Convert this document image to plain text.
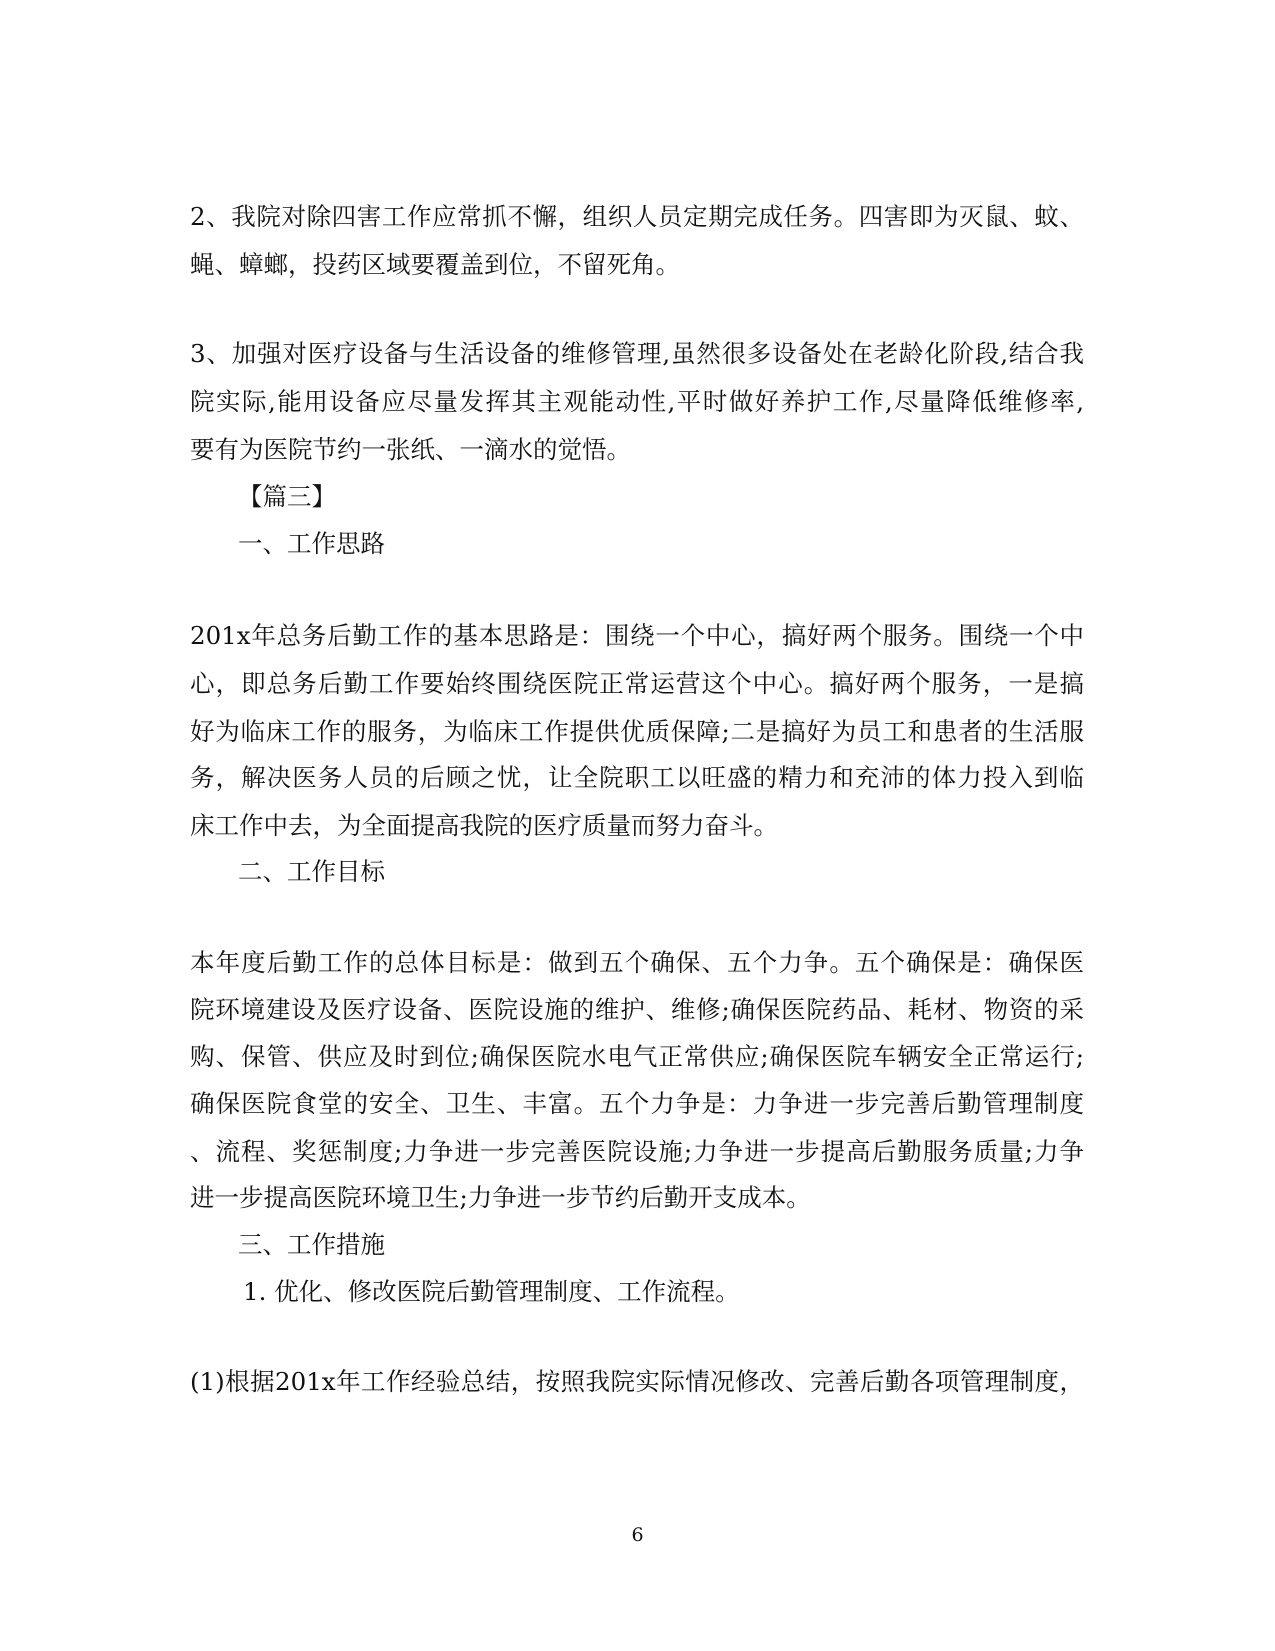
2、我院对除四害工作应常抓不懈，组织人员定期完成任务。四害即为灭鼠、蚊、
蝇、蟑螂，投药区域要覆盖到位，不留死角。
3、加强对医疗设备与生活设备的维修管理,虽然很多设备处在老龄化阶段,结合我
院实际,能用设备应尽量发挥其主观能动性,平时做好养护工作,尽量降低维修率,
要有为医院节约一张纸、一滴水的觉悟。
【篇三】
一、工作思路
201x年总务后勤工作的基本思路是：围绕一个中心，搞好两个服务。围绕一个中
心，即总务后勤工作要始终围绕医院正常运营这个中心。搞好两个服务，一是搞
好为临床工作的服务，为临床工作提供优质保障;二是搞好为员工和患者的生活服
务，解决医务人员的后顾之忧，让全院职工以旺盛的精力和充沛的体力投入到临
床工作中去，为全面提高我院的医疗质量而努力奋斗。
二、工作目标
本年度后勤工作的总体目标是：做到五个确保、五个力争。五个确保是：确保医
院环境建设及医疗设备、医院设施的维护、维修;确保医院药品、耗材、物资的采
购、保管、供应及时到位;确保医院水电气正常供应;确保医院车辆安全正常运行;
确保医院食堂的安全、卫生、丰富。五个力争是：力争进一步完善后勤管理制度
、流程、奖惩制度;力争进一步完善医院设施;力争进一步提高后勤服务质量;力争
进一步提高医院环境卫生;力争进一步节约后勤开支成本。
三、工作措施
1. 优化、修改医院后勤管理制度、工作流程。
(1)根据201x年工作经验总结，按照我院实际情况修改、完善后勤各项管理制度，
6
